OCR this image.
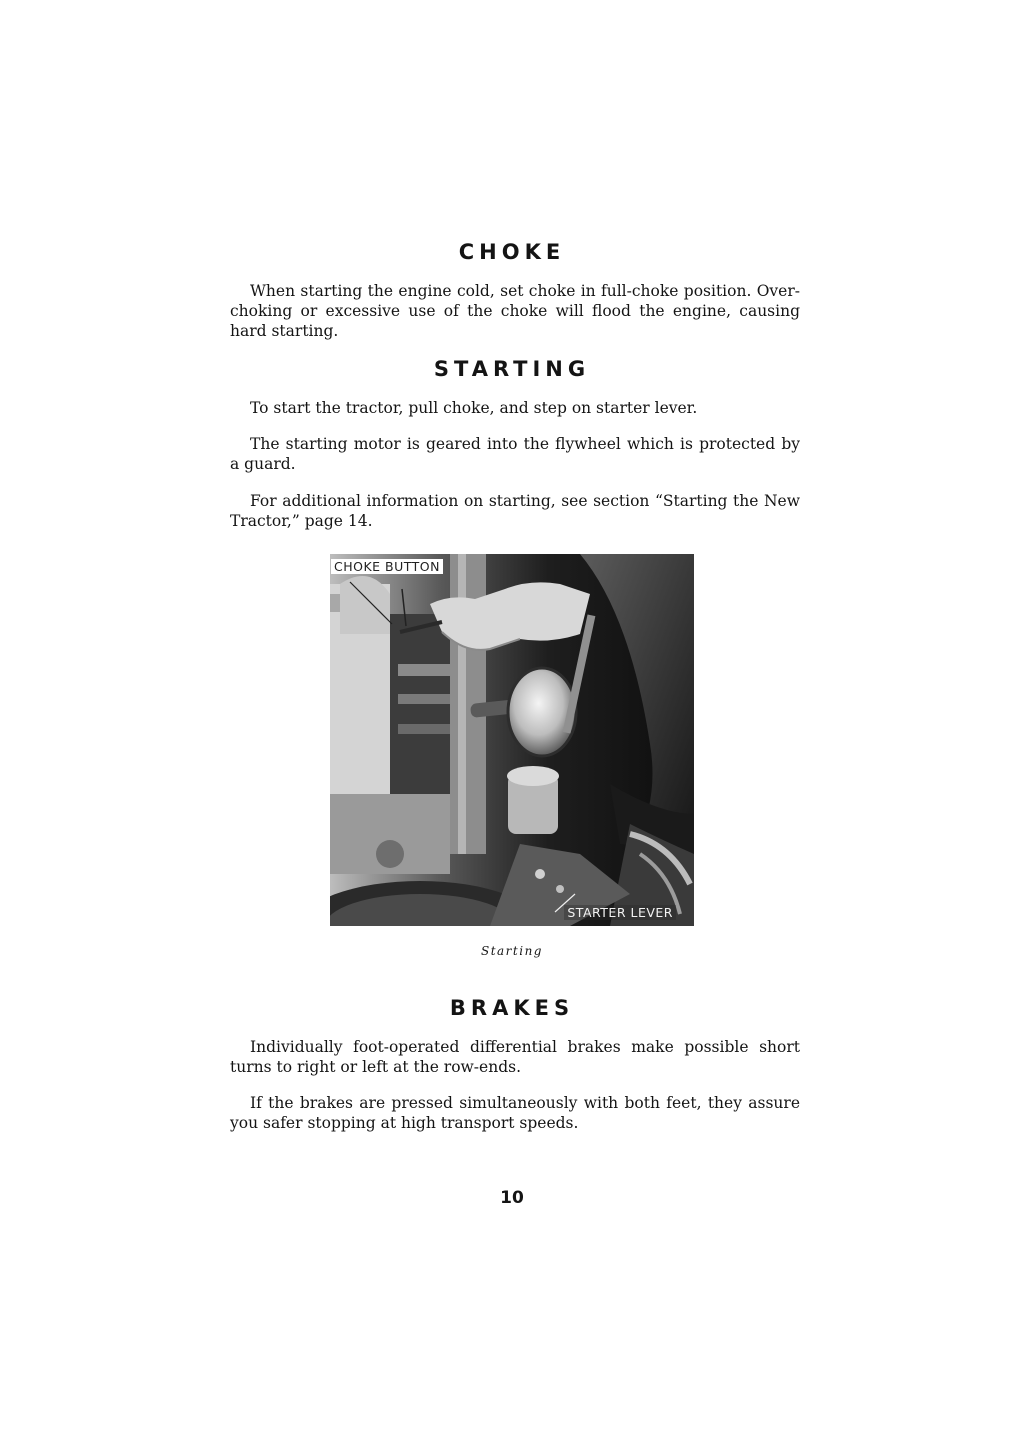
CHOKE

When starting the engine cold, set choke in full-choke position. Over-choking or excessive use of the choke will flood the engine, causing hard starting.

STARTING

To start the tractor, pull choke, and step on starter lever.

The starting motor is geared into the flywheel which is protected by a guard.

For additional information on starting, see section “Starting the New Tractor,” page 14.

CHOKE BUTTON
STARTER LEVER

Starting

BRAKES

Individually foot-operated differential brakes make possible short turns to right or left at the row-ends.

If the brakes are pressed simultaneously with both feet, they assure you safer stopping at high transport speeds.

10
